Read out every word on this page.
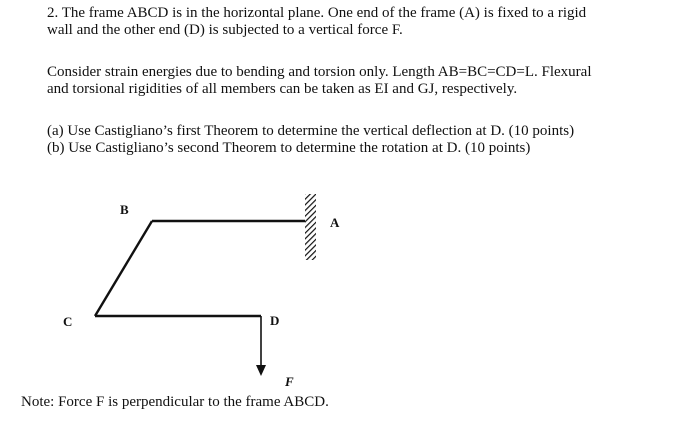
2. The frame ABCD is in the horizontal plane. One end of the frame (A) is fixed to a rigid
wall and the other end (D) is subjected to a vertical force F.

Consider strain energies due to bending and torsion only. Length AB=BC=CD=L. Flexural
and torsional rigidities of all members can be taken as EI and GJ, respectively.

(a) Use Castigliano’s first Theorem to determine the vertical deflection at D. (10 points)
(b) Use Castigliano’s second Theorem to determine the rotation at D. (10 points)

B
A
C	D
F

Note: Force F is perpendicular to the frame ABCD.
